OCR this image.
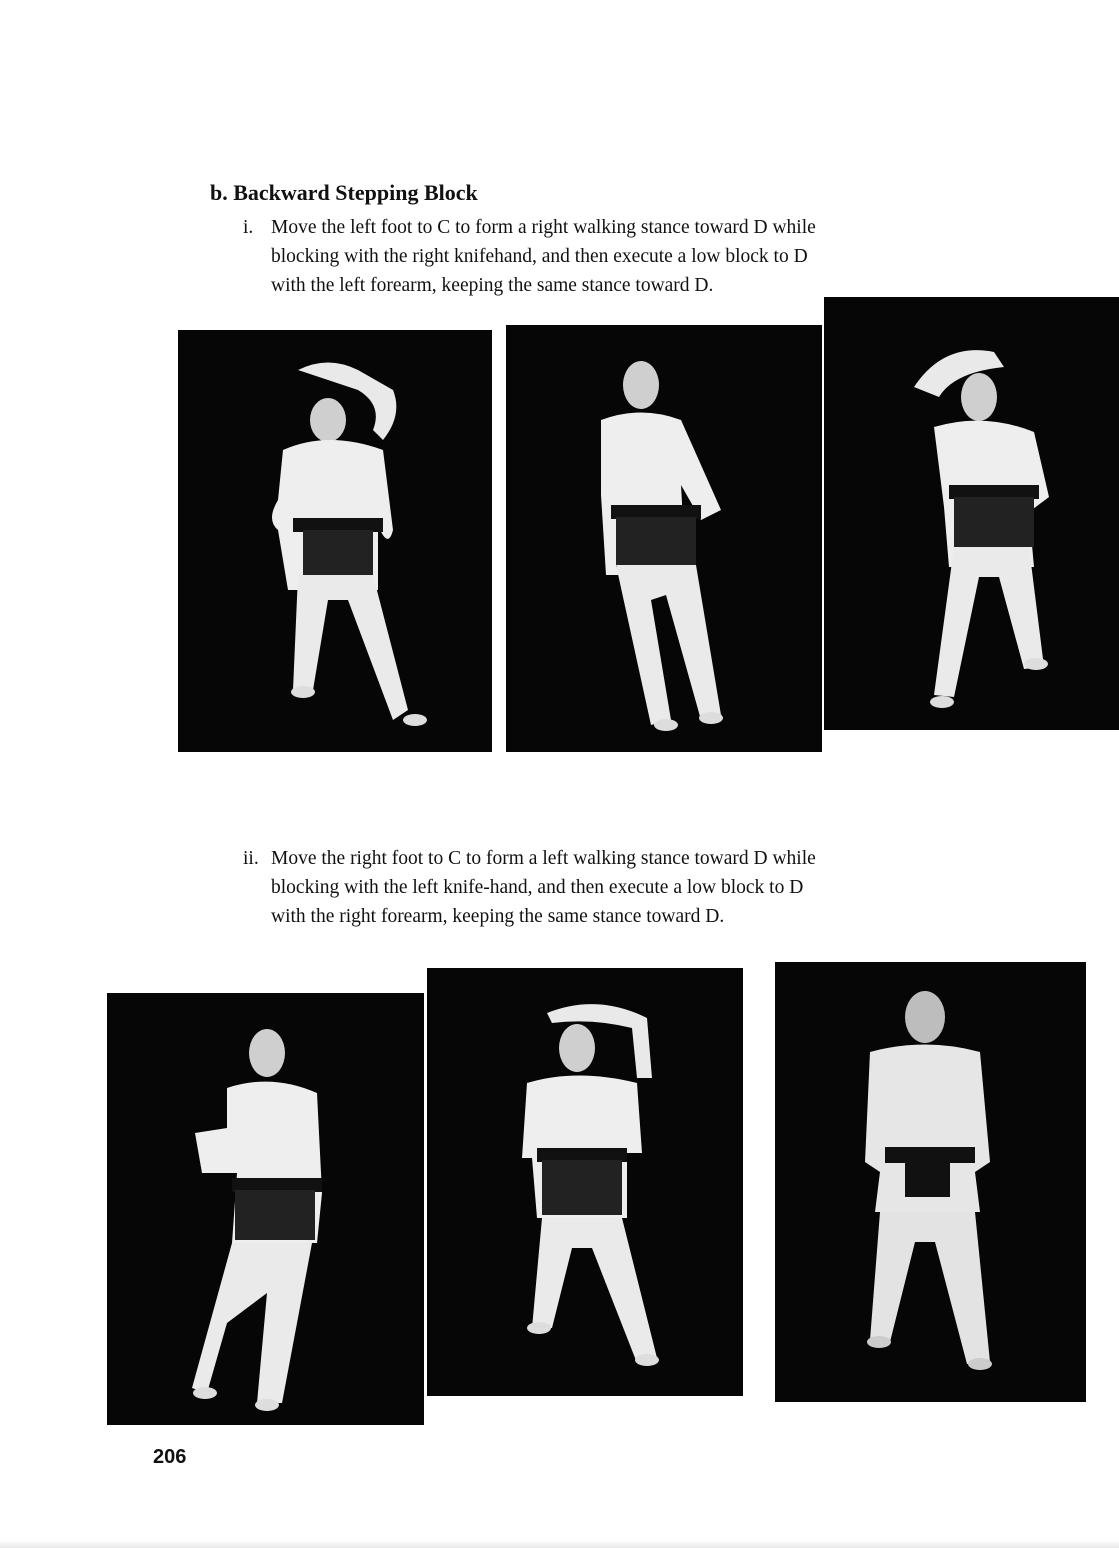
b. Backward Stepping Block
i. Move the left foot to C to form a right walking stance toward D while
blocking with the right knifehand, and then execute a low block to D
with the left forearm, keeping the same stance toward D.
ii. Move the right foot to C to form a left walking stance toward D while
blocking with the left knife-hand, and then execute a low block to D
with the right forearm, keeping the same stance toward D.
206
